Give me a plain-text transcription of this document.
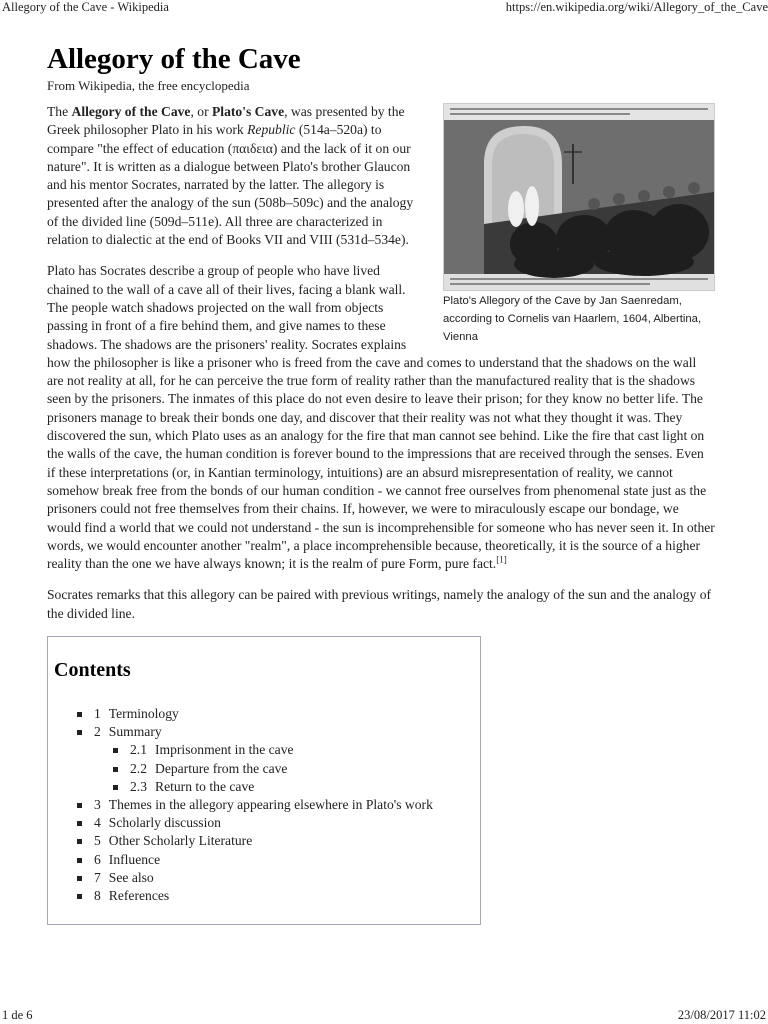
Allegory of the Cave - Wikipedia	https://en.wikipedia.org/wiki/Allegory_of_the_Cave
Allegory of the Cave
From Wikipedia, the free encyclopedia
Plato's Allegory of the Cave by Jan Saenredam, according to Cornelis van Haarlem, 1604, Albertina, Vienna

The Allegory of the Cave, or Plato's Cave, was presented by the Greek philosopher Plato in his work Republic (514a–520a) to compare "the effect of education (παιδεια) and the lack of it on our nature". It is written as a dialogue between Plato's brother Glaucon and his mentor Socrates, narrated by the latter. The allegory is presented after the analogy of the sun (508b–509c) and the analogy of the divided line (509d–511e). All three are characterized in relation to dialectic at the end of Books VII and VIII (531d–534e).

Plato has Socrates describe a group of people who have lived chained to the wall of a cave all of their lives, facing a blank wall. The people watch shadows projected on the wall from objects passing in front of a fire behind them, and give names to these shadows. The shadows are the prisoners' reality. Socrates explains how the philosopher is like a prisoner who is freed from the cave and comes to understand that the shadows on the wall are not reality at all, for he can perceive the true form of reality rather than the manufactured reality that is the shadows seen by the prisoners. The inmates of this place do not even desire to leave their prison; for they know no better life. The prisoners manage to break their bonds one day, and discover that their reality was not what they thought it was. They discovered the sun, which Plato uses as an analogy for the fire that man cannot see behind. Like the fire that cast light on the walls of the cave, the human condition is forever bound to the impressions that are received through the senses. Even if these interpretations (or, in Kantian terminology, intuitions) are an absurd misrepresentation of reality, we cannot somehow break free from the bonds of our human condition - we cannot free ourselves from phenomenal state just as the prisoners could not free themselves from their chains. If, however, we were to miraculously escape our bondage, we would find a world that we could not understand - the sun is incomprehensible for someone who has never seen it. In other words, we would encounter another "realm", a place incomprehensible because, theoretically, it is the source of a higher reality than the one we have always known; it is the realm of pure Form, pure fact.[1]

Socrates remarks that this allegory can be paired with previous writings, namely the analogy of the sun and the analogy of the divided line.

Contents
1 Terminology
2 Summary
2.1 Imprisonment in the cave
2.2 Departure from the cave
2.3 Return to the cave
3 Themes in the allegory appearing elsewhere in Plato's work
4 Scholarly discussion
5 Other Scholarly Literature
6 Influence
7 See also
8 References
1 de 6	23/08/2017 11:02
